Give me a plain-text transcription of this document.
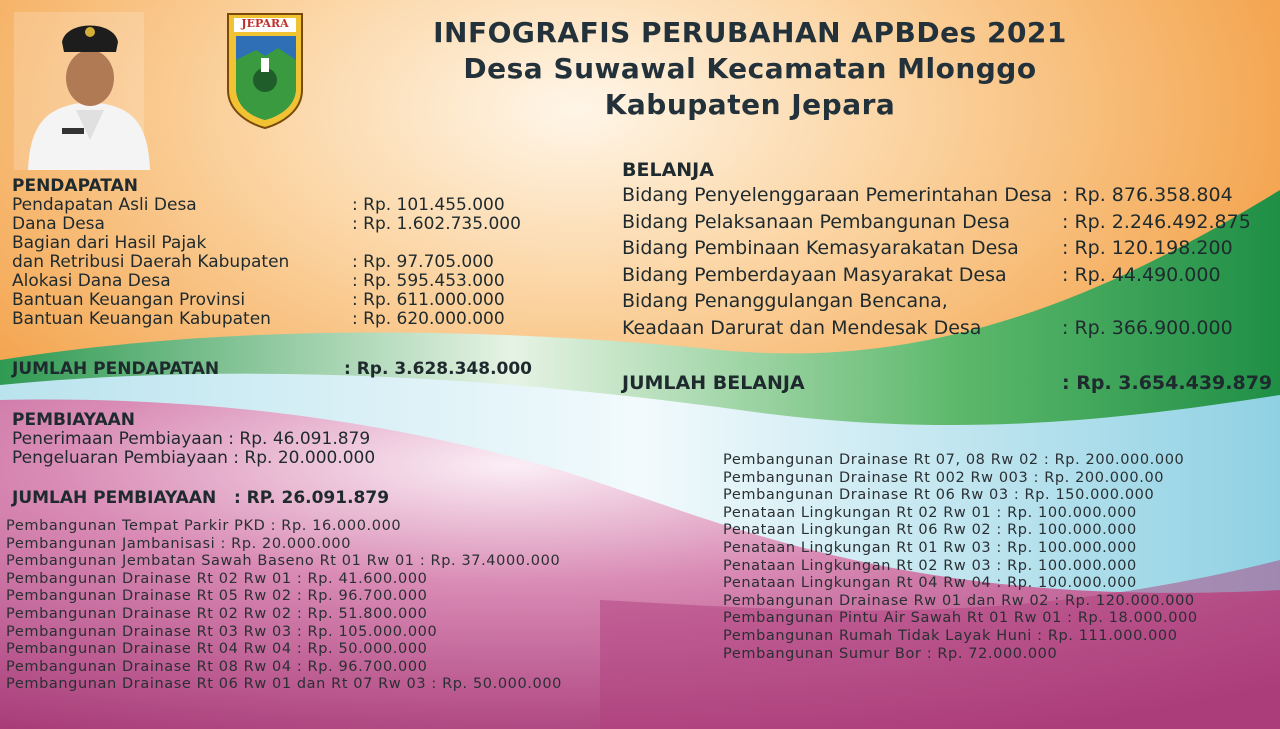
JEPARA	INFOGRAFIS PERUBAHAN APBDes 2021
Desa Suwawal Kecamatan Mlonggo
Kabupaten Jepara
PENDAPATAN
Pendapatan Asli Desa	: Rp. 101.455.000
Dana Desa	: Rp. 1.602.735.000
Bagian dari Hasil Pajak
dan Retribusi Daerah Kabupaten	: Rp. 97.705.000
Alokasi Dana Desa	: Rp. 595.453.000
Bantuan Keuangan Provinsi	: Rp. 611.000.000
Bantuan Keuangan Kabupaten	: Rp. 620.000.000
JUMLAH PENDAPATAN	: Rp. 3.628.348.000
PEMBIAYAAN
Penerimaan Pembiayaan : Rp. 46.091.879
Pengeluaran Pembiayaan : Rp. 20.000.000
JUMLAH PEMBIAYAAN   : RP. 26.091.879
BELANJA
Bidang Penyelenggaraan Pemerintahan Desa : Rp. 876.358.804
Bidang Pelaksanaan Pembangunan Desa	: Rp. 2.246.492.875
Bidang Pembinaan Kemasyarakatan Desa : Rp. 120.198.200
Bidang Pemberdayaan Masyarakat Desa	: Rp. 44.490.000
Bidang Penanggulangan Bencana,
Keadaan Darurat dan Mendesak Desa	: Rp. 366.900.000
JUMLAH BELANJA	: Rp. 3.654.439.879
Pembangunan Tempat Parkir PKD : Rp. 16.000.000
Pembangunan Jambanisasi : Rp. 20.000.000
Pembangunan Jembatan Sawah Baseno Rt 01 Rw 01 : Rp. 37.4000.000
Pembangunan Drainase Rt 02 Rw 01 : Rp. 41.600.000
Pembangunan Drainase Rt 05 Rw 02 : Rp. 96.700.000
Pembangunan Drainase Rt 02 Rw 02 : Rp. 51.800.000
Pembangunan Drainase Rt 03 Rw 03 : Rp. 105.000.000
Pembangunan Drainase Rt 04 Rw 04 : Rp. 50.000.000
Pembangunan Drainase Rt 08 Rw 04 : Rp. 96.700.000
Pembangunan Drainase Rt 06 Rw 01 dan Rt 07 Rw 03 : Rp. 50.000.000
Pembangunan Drainase Rt 07, 08 Rw 02 : Rp. 200.000.000
Pembangunan Drainase Rt 002 Rw 003 : Rp. 200.000.00
Pembangunan Drainase Rt 06 Rw 03 : Rp. 150.000.000
Penataan Lingkungan Rt 02 Rw 01 : Rp. 100.000.000
Penataan Lingkungan Rt 06 Rw 02 : Rp. 100.000.000
Penataan Lingkungan Rt 01 Rw 03 : Rp. 100.000.000
Penataan Lingkungan Rt 02 Rw 03 : Rp. 100.000.000
Penataan Lingkungan Rt 04 Rw 04 : Rp. 100.000.000
Pembangunan Drainase Rw 01 dan Rw 02 : Rp. 120.000.000
Pembangunan Pintu Air Sawah Rt 01 Rw 01 : Rp. 18.000.000
Pembangunan Rumah Tidak Layak Huni : Rp. 111.000.000
Pembangunan Sumur Bor : Rp. 72.000.000
